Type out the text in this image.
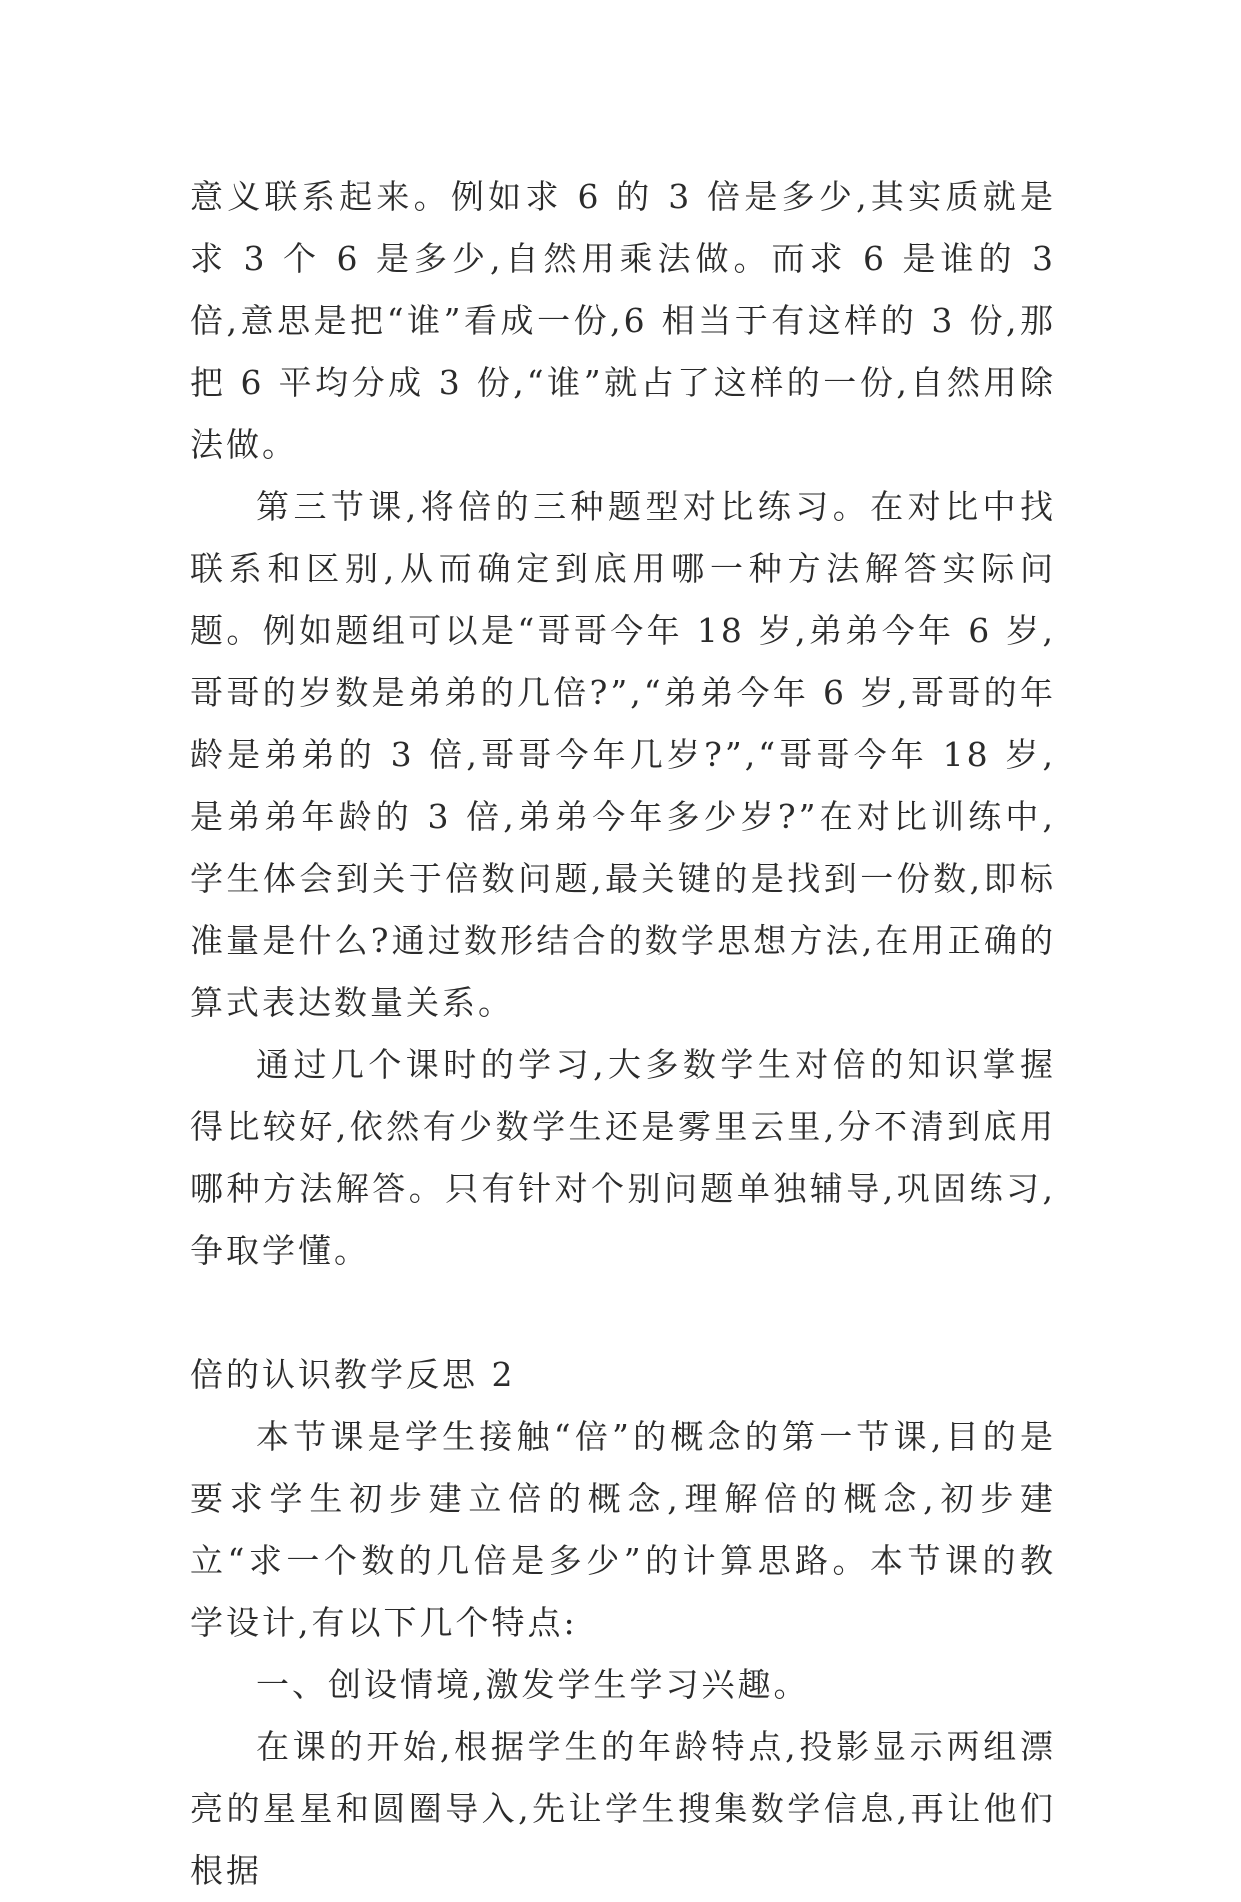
意义联系起来。例如求 6 的 3 倍是多少,其实质就是求 3 个 6 是多少,自然用乘法做。而求 6 是谁的 3 倍,意思是把“谁”看成一份,6 相当于有这样的 3 份,那把 6 平均分成 3 份,“谁”就占了这样的一份,自然用除法做。

第三节课,将倍的三种题型对比练习。在对比中找联系和区别,从而确定到底用哪一种方法解答实际问题。例如题组可以是“哥哥今年 18 岁,弟弟今年 6 岁,哥哥的岁数是弟弟的几倍?”,“弟弟今年 6 岁,哥哥的年龄是弟弟的 3 倍,哥哥今年几岁?”,“哥哥今年 18 岁,是弟弟年龄的 3 倍,弟弟今年多少岁?”在对比训练中,学生体会到关于倍数问题,最关键的是找到一份数,即标准量是什么?通过数形结合的数学思想方法,在用正确的算式表达数量关系。

通过几个课时的学习,大多数学生对倍的知识掌握得比较好,依然有少数学生还是雾里云里,分不清到底用哪种方法解答。只有针对个别问题单独辅导,巩固练习,争取学懂。

倍的认识教学反思 2

本节课是学生接触“倍”的概念的第一节课,目的是要求学生初步建立倍的概念,理解倍的概念,初步建立“求一个数的几倍是多少”的计算思路。本节课的教学设计,有以下几个特点:

一、创设情境,激发学生学习兴趣。

在课的开始,根据学生的年龄特点,投影显示两组漂亮的星星和圆圈导入,先让学生搜集数学信息,再让他们根据
